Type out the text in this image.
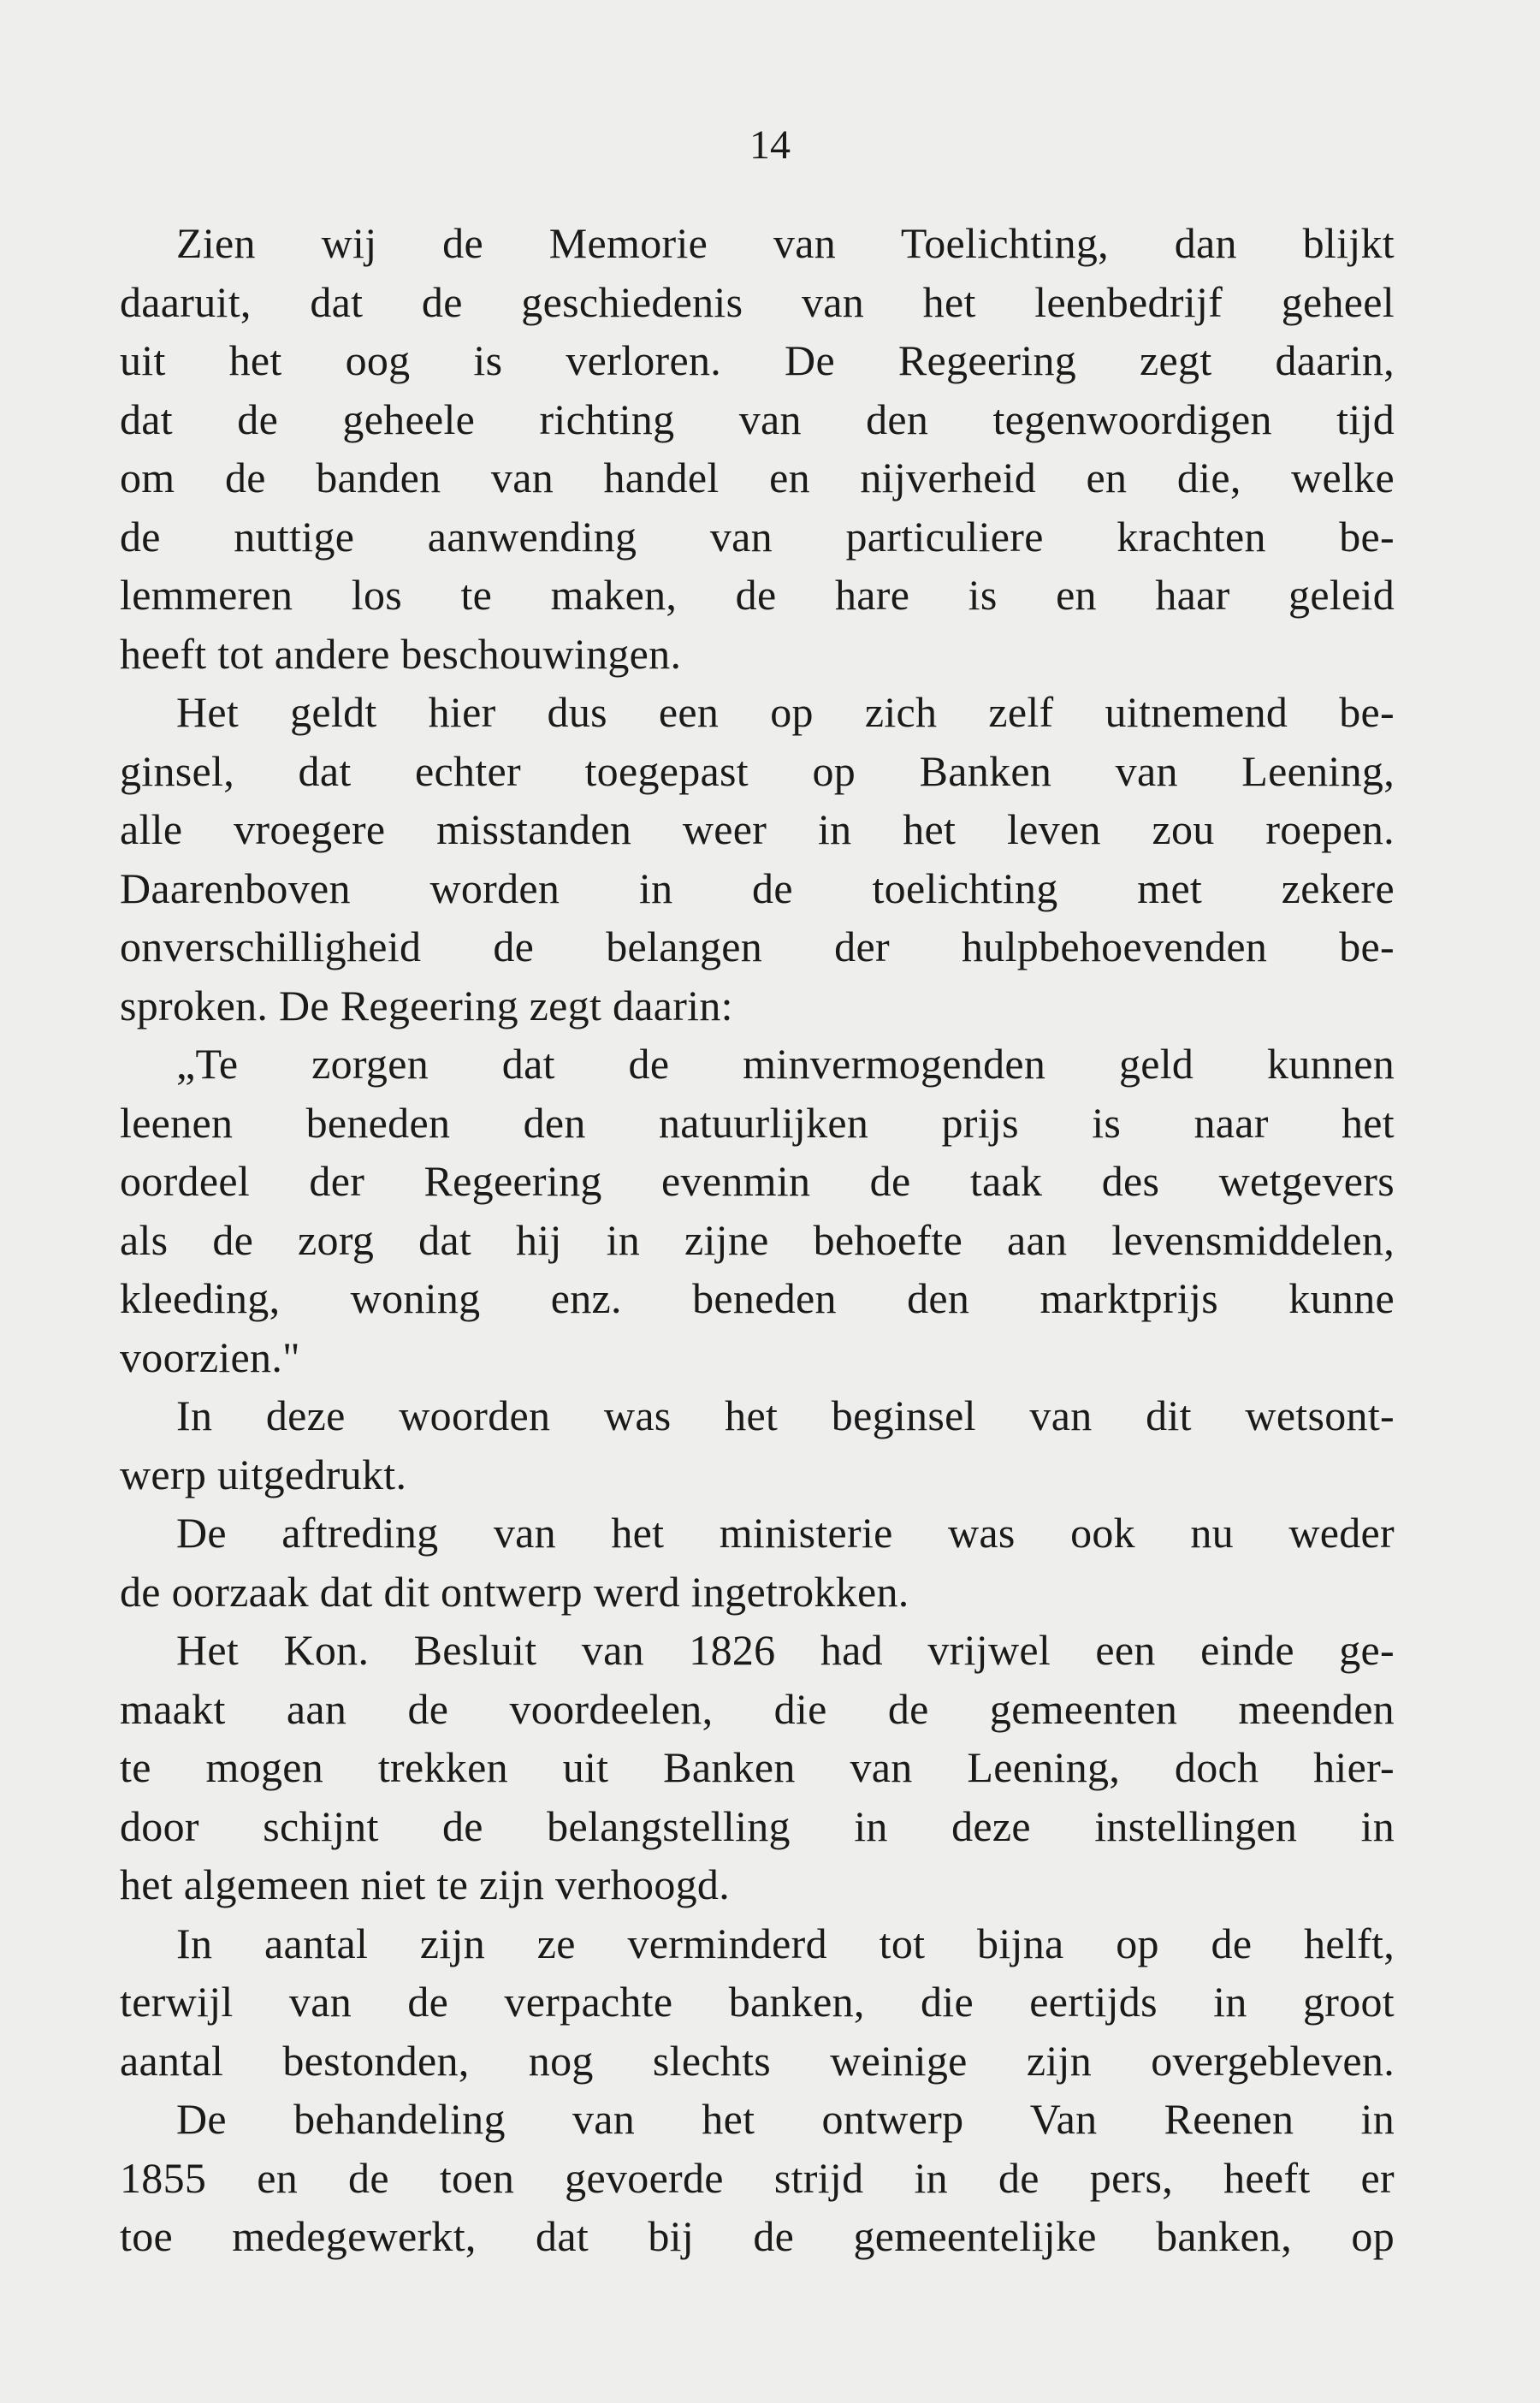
14
Zien wij de Memorie van Toelichting, dan blijkt
daaruit, dat de geschiedenis van het leenbedrijf geheel
uit het oog is verloren. De Regeering zegt daarin,
dat de geheele richting van den tegenwoordigen tijd
om de banden van handel en nijverheid en die, welke
de nuttige aanwending van particuliere krachten be-
lemmeren los te maken, de hare is en haar geleid
heeft tot andere beschouwingen.
Het geldt hier dus een op zich zelf uitnemend be-
ginsel, dat echter toegepast op Banken van Leening,
alle vroegere misstanden weer in het leven zou roepen.
Daarenboven worden in de toelichting met zekere
onverschilligheid de belangen der hulpbehoevenden be-
sproken. De Regeering zegt daarin:
„Te zorgen dat de minvermogenden geld kunnen
leenen beneden den natuurlijken prijs is naar het
oordeel der Regeering evenmin de taak des wetgevers
als de zorg dat hij in zijne behoefte aan levensmiddelen,
kleeding, woning enz. beneden den marktprijs kunne
voorzien."
In deze woorden was het beginsel van dit wetsont-
werp uitgedrukt.
De aftreding van het ministerie was ook nu weder
de oorzaak dat dit ontwerp werd ingetrokken.
Het Kon. Besluit van 1826 had vrijwel een einde ge-
maakt aan de voordeelen, die de gemeenten meenden
te mogen trekken uit Banken van Leening, doch hier-
door schijnt de belangstelling in deze instellingen in
het algemeen niet te zijn verhoogd.
In aantal zijn ze verminderd tot bijna op de helft,
terwijl van de verpachte banken, die eertijds in groot
aantal bestonden, nog slechts weinige zijn overgebleven.
De behandeling van het ontwerp Van Reenen in
1855 en de toen gevoerde strijd in de pers, heeft er
toe medegewerkt, dat bij de gemeentelijke banken, op
